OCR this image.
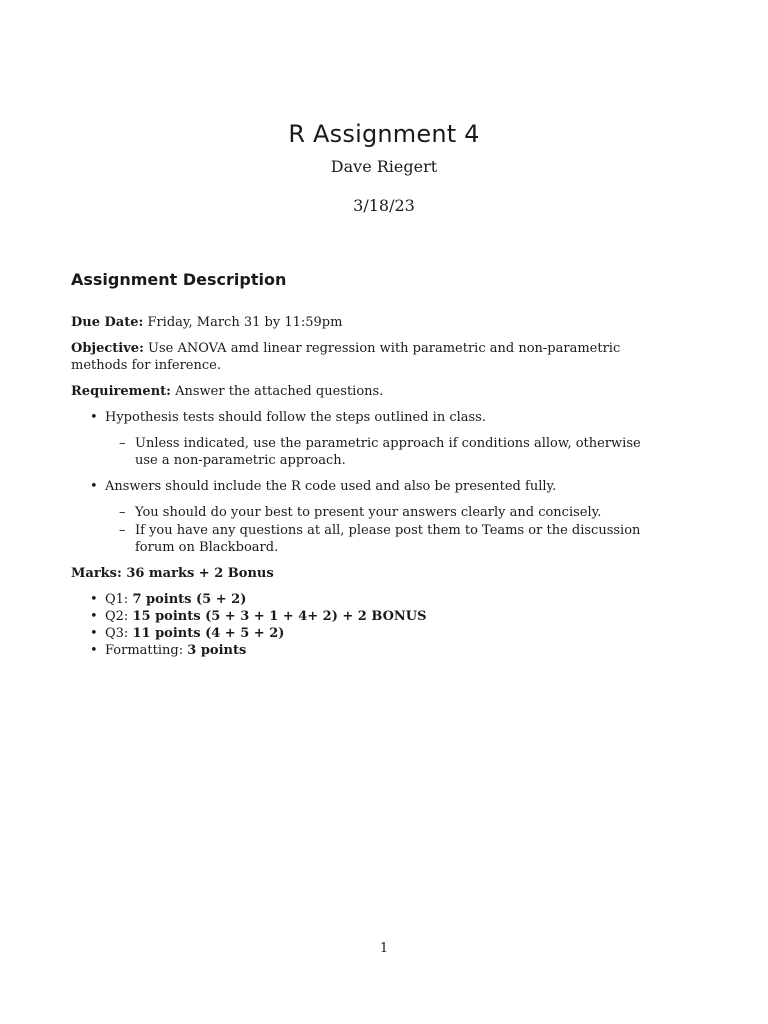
R Assignment 4
Dave Riegert
3/18/23
Assignment Description

Due Date: Friday, March 31 by 11:59pm

Objective: Use ANOVA amd linear regression with parametric and non-parametric methods for inference.

Requirement: Answer the attached questions.

• Hypothesis tests should follow the steps outlined in class.
– Unless indicated, use the parametric approach if conditions allow, otherwise use a non-parametric approach.
• Answers should include the R code used and also be presented fully.
– You should do your best to present your answers clearly and concisely.
– If you have any questions at all, please post them to Teams or the discussion forum on Blackboard.

Marks: 36 marks + 2 Bonus

• Q1: 7 points (5 + 2)
• Q2: 15 points (5 + 3 + 1 + 4+ 2) + 2 BONUS
• Q3: 11 points (4 + 5 + 2)
• Formatting: 3 points
1
